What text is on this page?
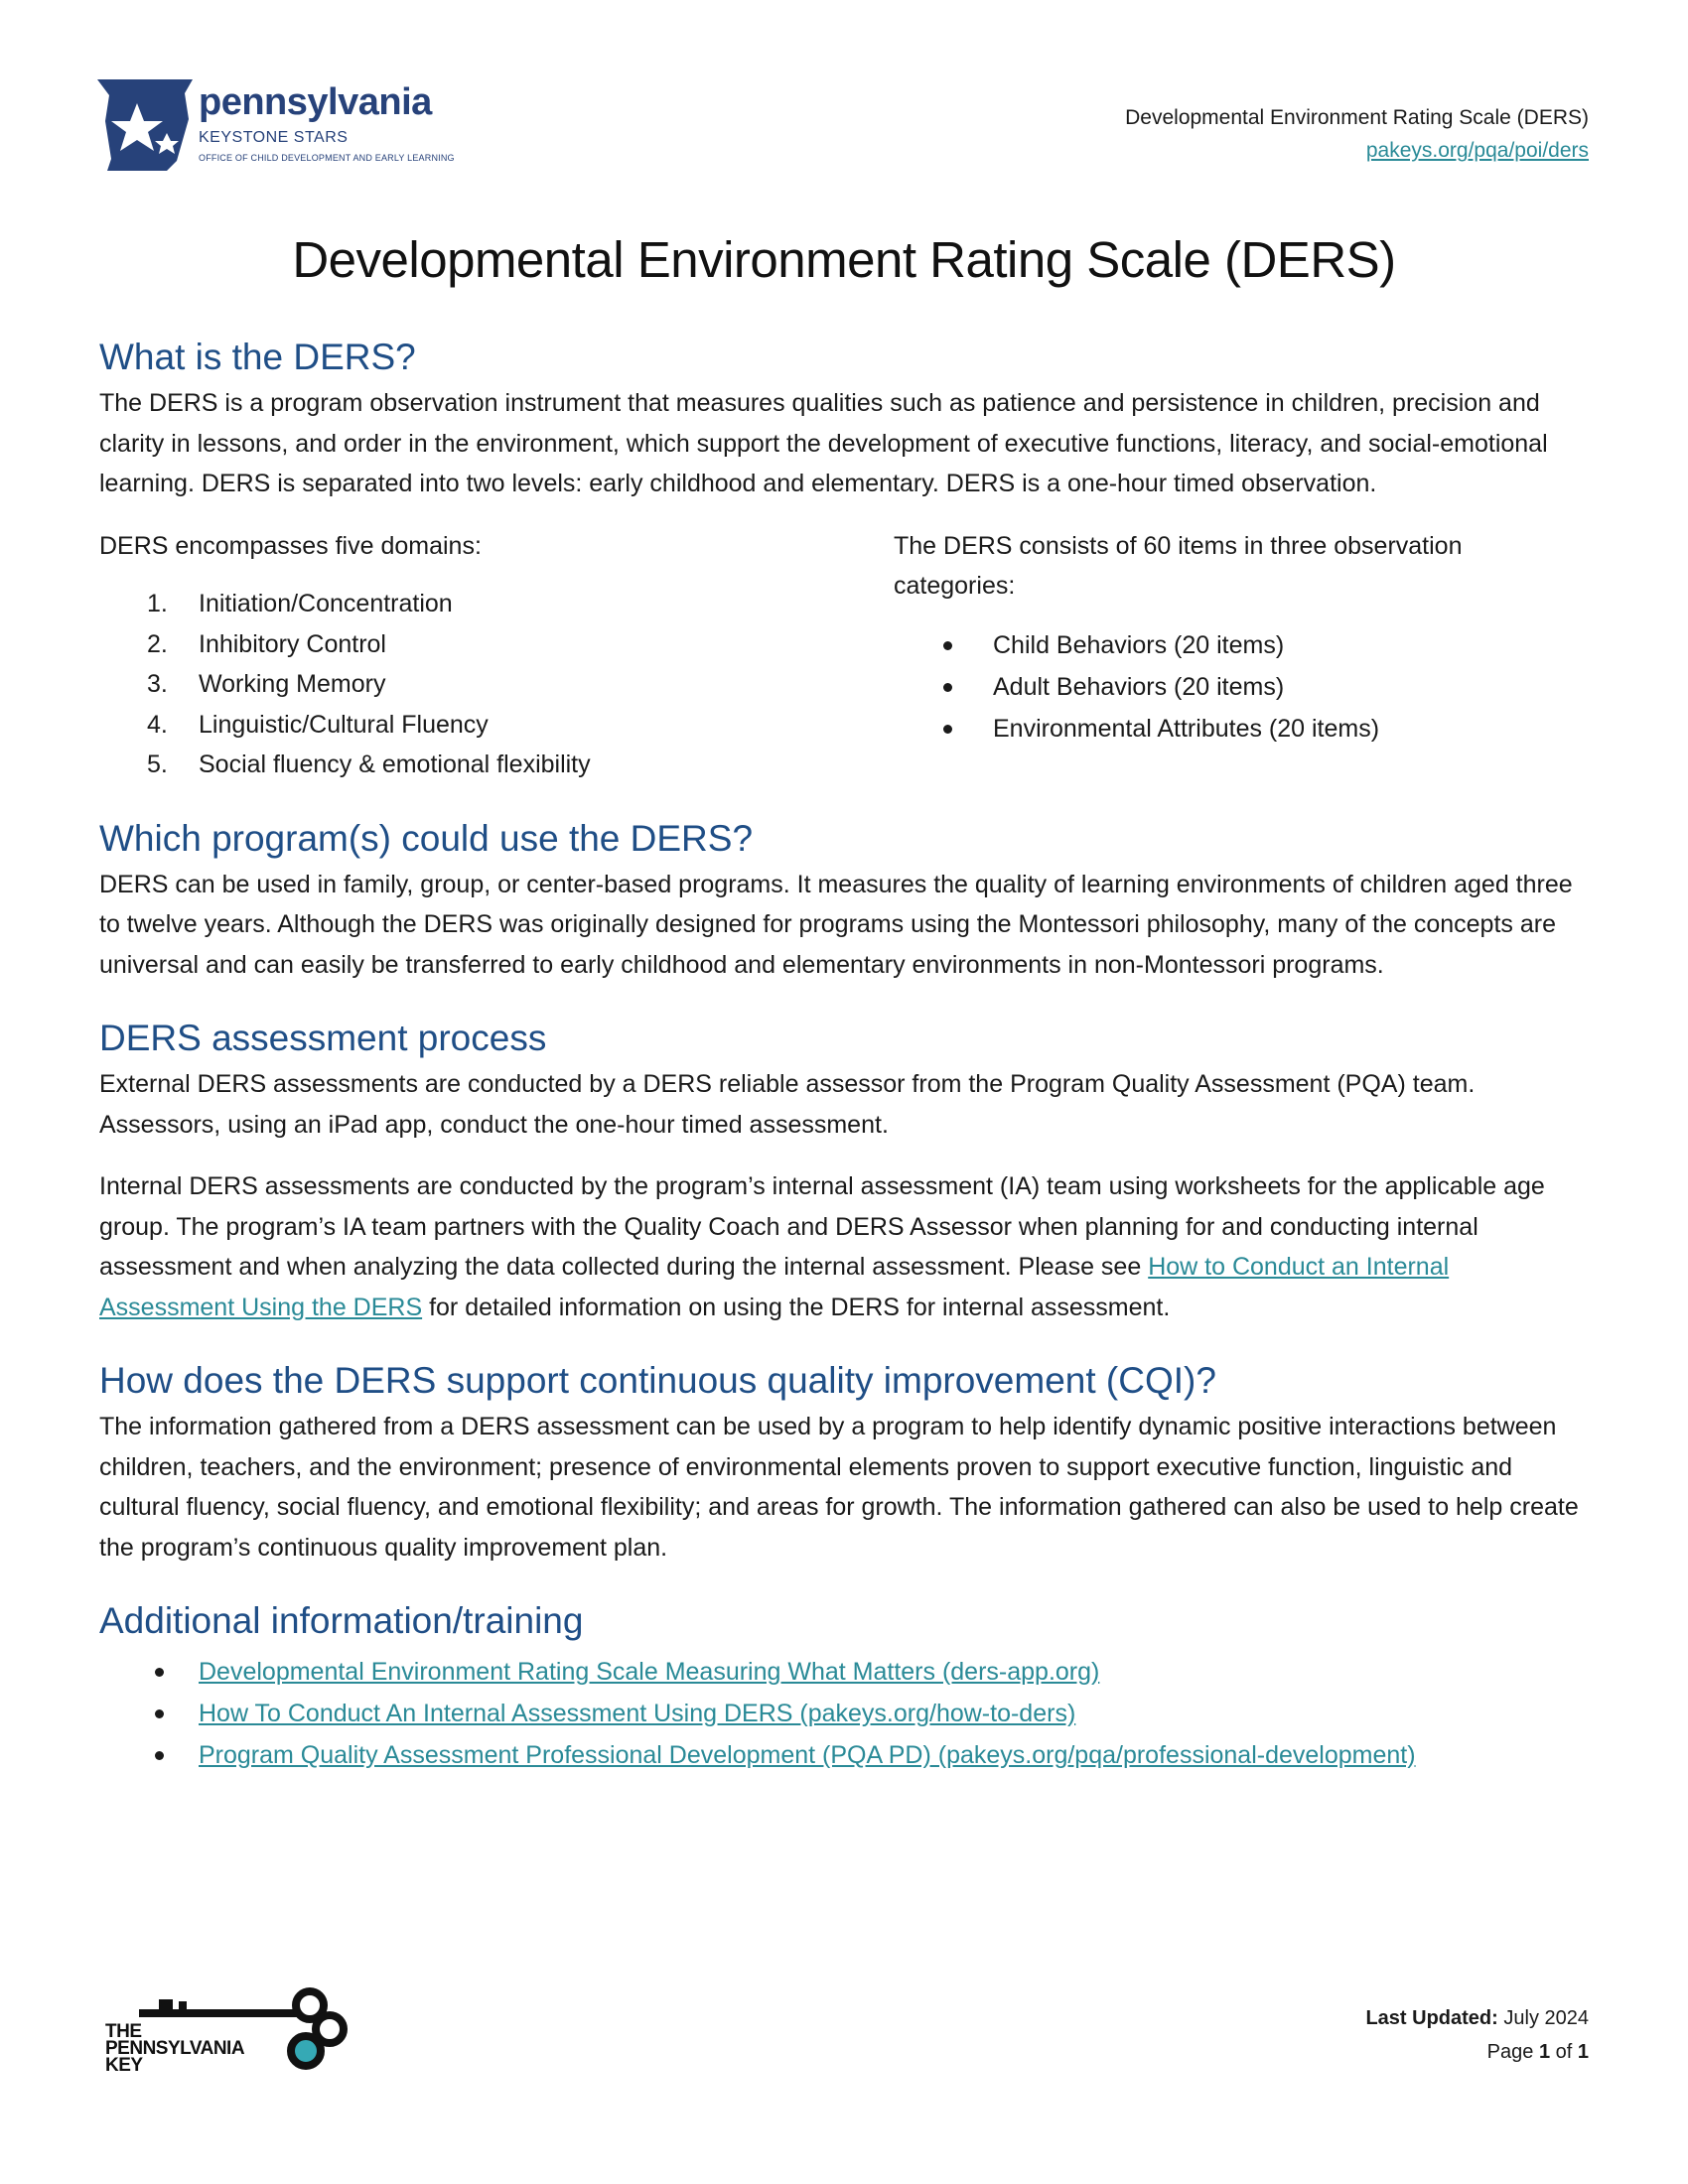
pennsylvania
KEYSTONE STARS
OFFICE OF CHILD DEVELOPMENT AND EARLY LEARNING
Developmental Environment Rating Scale (DERS)
pakeys.org/pqa/poi/ders
Developmental Environment Rating Scale (DERS)
What is the DERS?

The DERS is a program observation instrument that measures qualities such as patience and persistence in children, precision and clarity in lessons, and order in the environment, which support the development of executive functions, literacy, and social-emotional learning. DERS is separated into two levels: early childhood and elementary. DERS is a one-hour timed observation.

DERS encompasses five domains:

1.	Initiation/Concentration
2.	Inhibitory Control
3.	Working Memory
4.	Linguistic/Cultural Fluency
5.	Social fluency & emotional flexibility

The DERS consists of 60 items in three observation categories:

Child Behaviors (20 items)
Adult Behaviors (20 items)
Environmental Attributes (20 items)
Which program(s) could use the DERS?

DERS can be used in family, group, or center-based programs. It measures the quality of learning environments of children aged three to twelve years. Although the DERS was originally designed for programs using the Montessori philosophy, many of the concepts are universal and can easily be transferred to early childhood and elementary environments in non-Montessori programs.

DERS assessment process

External DERS assessments are conducted by a DERS reliable assessor from the Program Quality Assessment (PQA) team. Assessors, using an iPad app, conduct the one-hour timed assessment.

Internal DERS assessments are conducted by the program’s internal assessment (IA) team using worksheets for the applicable age group. The program’s IA team partners with the Quality Coach and DERS Assessor when planning for and conducting internal assessment and when analyzing the data collected during the internal assessment. Please see How to Conduct an Internal Assessment Using the DERS for detailed information on using the DERS for internal assessment.

How does the DERS support continuous quality improvement (CQI)?

The information gathered from a DERS assessment can be used by a program to help identify dynamic positive interactions between children, teachers, and the environment; presence of environmental elements proven to support executive function, linguistic and cultural fluency, social fluency, and emotional flexibility; and areas for growth. The information gathered can also be used to help create the program’s continuous quality improvement plan.

Additional information/training
Developmental Environment Rating Scale Measuring What Matters (ders-app.org)
How To Conduct An Internal Assessment Using DERS (pakeys.org/how-to-ders)
Program Quality Assessment Professional Development (PQA PD) (pakeys.org/pqa/professional-development)
THE
PENNSYLVANIA
KEY
Last Updated: July 2024
Page 1 of 1
